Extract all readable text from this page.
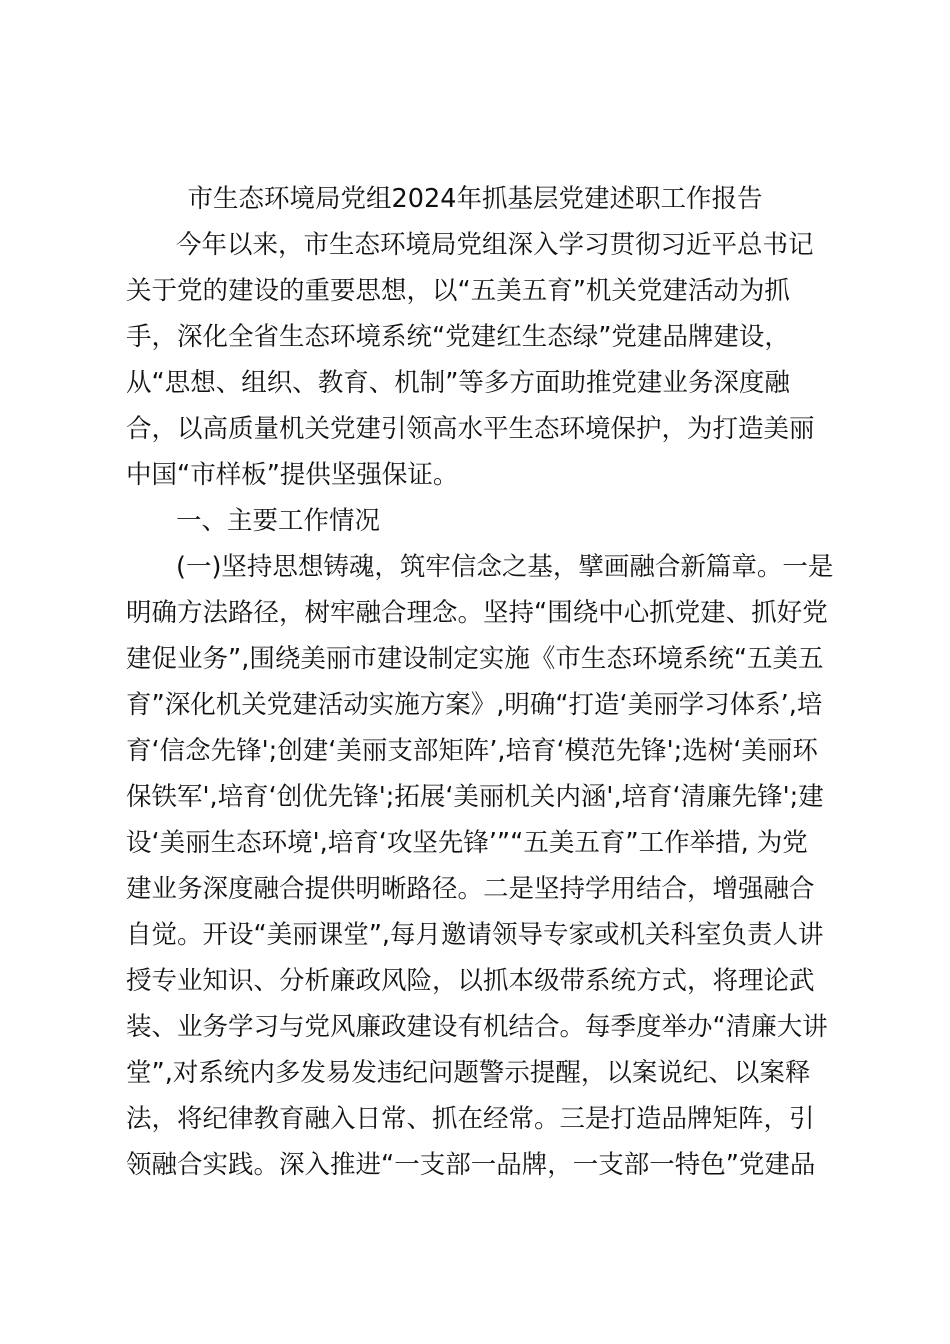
市生态环境局党组2024年抓基层党建述职工作报告
今年以来，市生态环境局党组深入学习贯彻习近平总书记
关于党的建设的重要思想，以“五美五育”机关党建活动为抓
手，深化全省生态环境系统“党建红生态绿”党建品牌建设，
从“思想、组织、教育、机制”等多方面助推党建业务深度融
合，以高质量机关党建引领高水平生态环境保护，为打造美丽
中国“市样板”提供坚强保证。
一、主要工作情况
(一)坚持思想铸魂，筑牢信念之基，擘画融合新篇章。一是
明确方法路径，树牢融合理念。坚持“围绕中心抓党建、抓好党
建促业务”,围绕美丽市建设制定实施《市生态环境系统“五美五
育”深化机关党建活动实施方案》,明确“打造‘美丽学习体系’,培
育‘信念先锋';创建‘美丽支部矩阵’,培育‘模范先锋';选树‘美丽环
保铁军',培育‘创优先锋';拓展‘美丽机关内涵',培育‘清廉先锋';建
设‘美丽生态环境',培育‘攻坚先锋’”“五美五育”工作举措, 为党
建业务深度融合提供明晰路径。二是坚持学用结合，增强融合
自觉。开设“美丽课堂”,每月邀请领导专家或机关科室负责人讲
授专业知识、分析廉政风险，以抓本级带系统方式，将理论武
装、业务学习与党风廉政建设有机结合。每季度举办“清廉大讲
堂”,对系统内多发易发违纪问题警示提醒，以案说纪、以案释
法，将纪律教育融入日常、抓在经常。三是打造品牌矩阵，引
领融合实践。深入推进“一支部一品牌，一支部一特色”党建品
